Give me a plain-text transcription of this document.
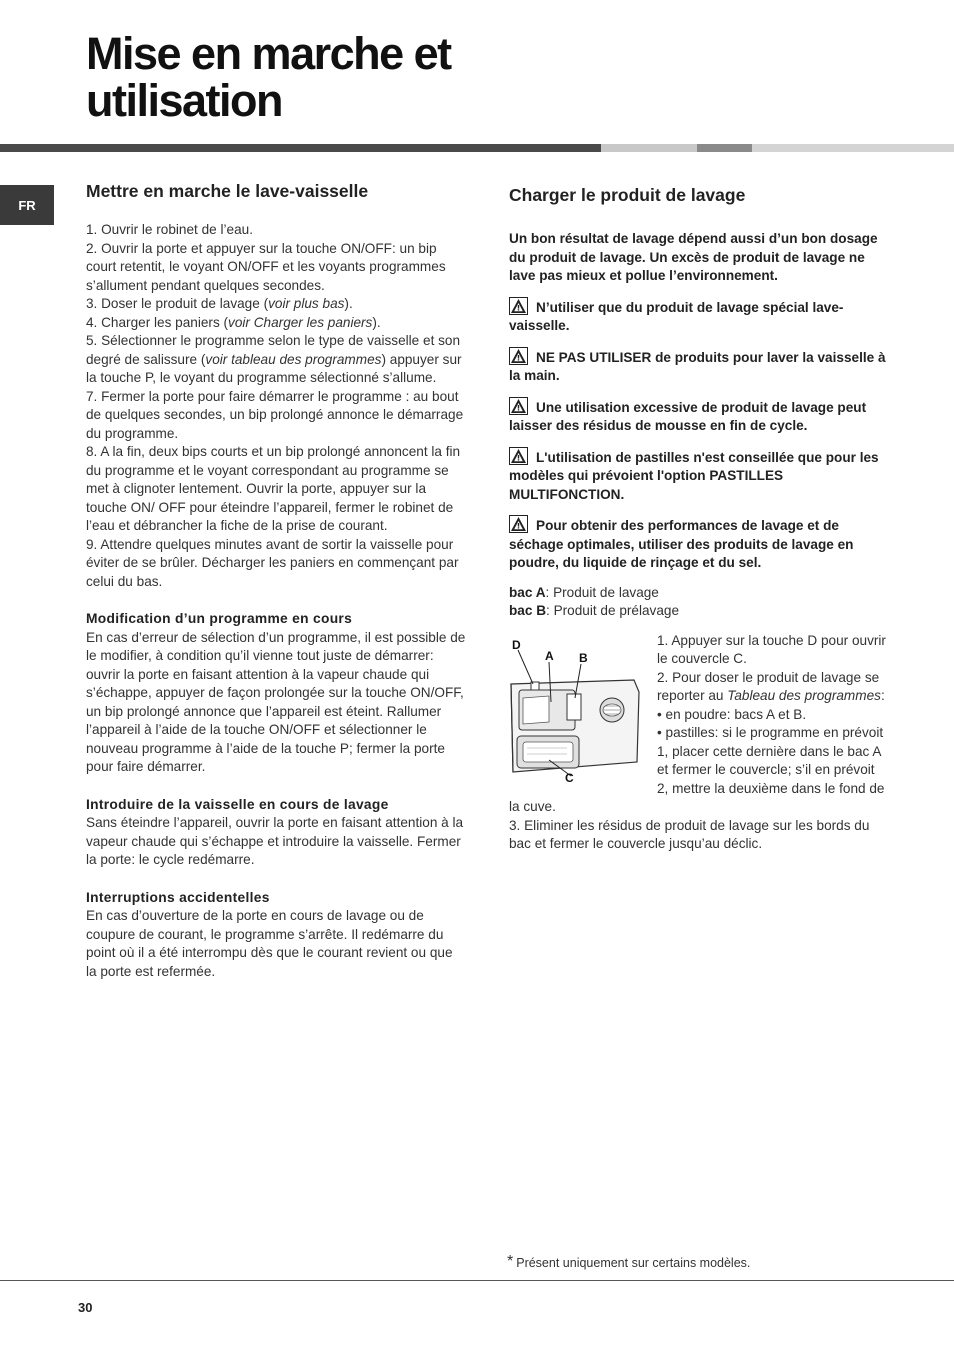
Mise en marche et
utilisation
FR
Mettre en marche le lave-vaisselle

1. Ouvrir le robinet de l’eau.

2. Ouvrir la porte et appuyer sur la touche ON/OFF: un bip court retentit, le voyant ON/OFF et les voyants programmes s’allument pendant quelques secondes.

3. Doser le produit de lavage (voir plus bas).

4. Charger les paniers (voir Charger les paniers).

5. Sélectionner le programme selon le type de vaisselle et son degré de salissure (voir tableau des programmes) appuyer sur la touche P, le voyant du programme sélectionné s’allume.

7. Fermer la porte pour faire démarrer le programme : au bout de quelques secondes, un bip prolongé annonce le démarrage du programme.

8. A la fin, deux bips courts et un bip prolongé annoncent la fin du programme et le voyant correspondant au programme se met à clignoter lentement. Ouvrir la porte, appuyer sur la touche ON/ OFF pour éteindre l’appareil, fermer le robinet de l’eau et débrancher la fiche de la prise de courant.

9. Attendre quelques minutes avant de sortir la vaisselle pour éviter de se brûler. Décharger les paniers en commençant par celui du bas.

Modification d’un programme en cours

En cas d’erreur de sélection d’un programme, il est possible de le modifier, à condition qu’il vienne tout juste de démarrer: ouvrir la porte en faisant attention à la vapeur chaude qui s’échappe, appuyer de façon prolongée sur la touche ON/OFF, un bip prolongé annonce que l’appareil est éteint. Rallumer l’appareil à l’aide de la touche ON/OFF et sélectionner le nouveau programme à l’aide de la touche P; fermer la porte pour faire démarrer.

Introduire de la vaisselle en cours de lavage

Sans éteindre l’appareil, ouvrir la porte en faisant attention à la vapeur chaude qui s’échappe et introduire la vaisselle. Fermer la porte: le cycle redémarre.

Interruptions accidentelles

En cas d’ouverture de la porte en cours de lavage ou de coupure de courant, le programme s’arrête. Il redémarre du point où il a été interrompu dès que le courant revient ou que la porte est refermée.

Charger le produit de lavage

Un bon résultat de lavage dépend aussi d’un bon dosage du produit de lavage. Un excès de produit de lavage ne lave pas mieux et pollue l’environnement.

N’utiliser que du produit de lavage spécial lave-vaisselle.

NE PAS UTILISER de produits pour laver la vaisselle à la main.

Une utilisation excessive de produit de lavage peut laisser des résidus de mousse en fin de cycle.

L'utilisation de pastilles n'est conseillée que pour les modèles qui prévoient l'option PASTILLES MULTIFONCTION.

Pour obtenir des performances de lavage et de séchage optimales, utiliser des produits de lavage en poudre, du liquide de rinçage et du sel.

bac A: Produit de lavage

bac B: Produit de prélavage

D
A B
C

1. Appuyer sur la touche D pour ouvrir le couvercle C.

2. Pour doser le produit de lavage se reporter au Tableau des programmes:

• en poudre: bacs A et B.

• pastilles: si le programme en prévoit 1, placer cette dernière dans le bac A et fermer le couvercle; s’il en prévoit 2, mettre la deuxième dans le fond de la cuve.

3. Eliminer les résidus de produit de lavage sur les bords du bac et fermer le couvercle jusqu’au déclic.

* Présent uniquement sur certains modèles.
30
